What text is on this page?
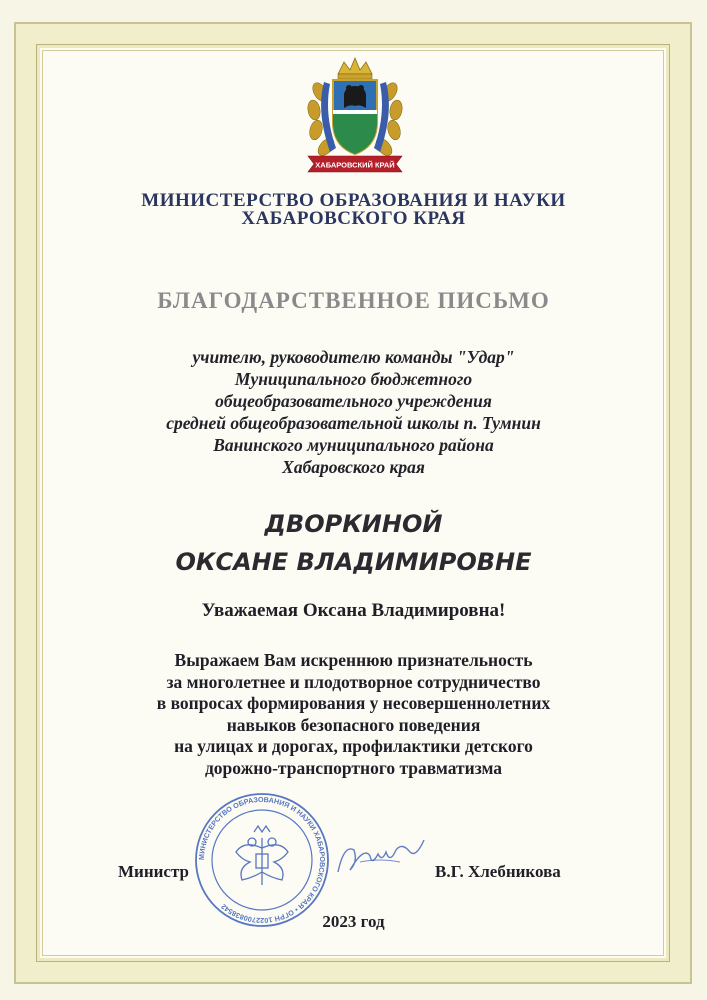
ХАБАРОВСКИЙ КРАЙ
МИНИСТЕРСТВО ОБРАЗОВАНИЯ И НАУКИ
ХАБАРОВСКОГО КРАЯ
БЛАГОДАРСТВЕННОЕ ПИСЬМО
учителю, руководителю команды "Удар"
Муниципального бюджетного
общеобразовательного учреждения
средней общеобразовательной школы п. Тумнин
Ванинского муниципального района
Хабаровского края
ДВОРКИНОЙ
ОКСАНЕ ВЛАДИМИРОВНЕ
Уважаемая Оксана Владимировна!
Выражаем Вам искреннюю признательность
за многолетнее и плодотворное сотрудничество
в вопросах формирования у несовершеннолетних
навыков безопасного поведения
на улицах и дорогах, профилактики детского
дорожно-транспортного травматизма
МИНИСТЕРСТВО ОБРАЗОВАНИЯ И НАУКИ ХАБАРОВСКОГО КРАЯ • ОГРН 1022700838542
Министр	В.Г. Хлебникова
2023 год
